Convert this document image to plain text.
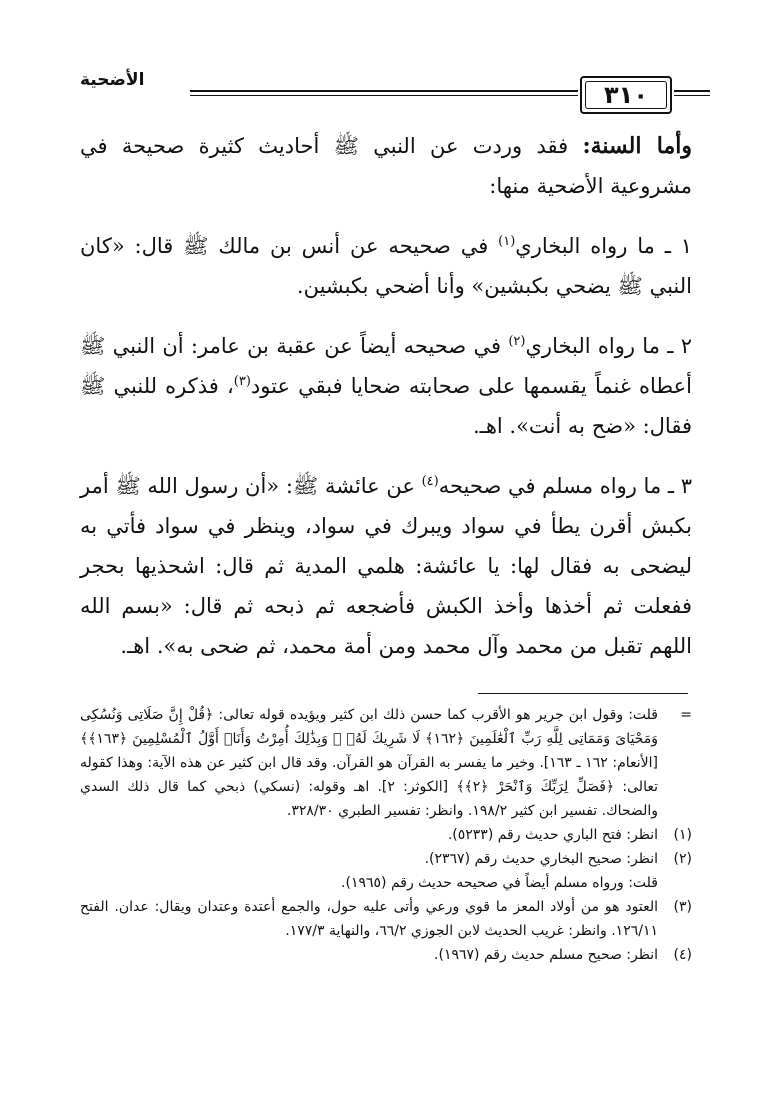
٣١٠
الأضحية

وأما السنة: فقد وردت عن النبي ﷺ أحاديث كثيرة صحيحة في مشروعية الأضحية منها:

١ ـ ما رواه البخاري$^{(١)}$ في صحيحه عن أنس بن مالك ﷺ قال: «كان النبي ﷺ يضحي بكبشين» وأنا أضحي بكبشين.

٢ ـ ما رواه البخاري$^{(٢)}$ في صحيحه أيضاً عن عقبة بن عامر: أن النبي ﷺ أعطاه غنماً يقسمها على صحابته ضحايا فبقي عتود$^{(٣)}$، فذكره للنبي ﷺ فقال: «ضح به أنت». اهـ.

٣ ـ ما رواه مسلم في صحيحه$^{(٤)}$ عن عائشة ﷺ: «أن رسول الله ﷺ أمر بكبش أقرن يطأ في سواد ويبرك في سواد، وينظر في سواد فأتي به ليضحى به فقال لها: يا عائشة: هلمي المدية ثم قال: اشحذيها بحجر ففعلت ثم أخذها وأخذ الكبش فأضجعه ثم ذبحه ثم قال: «بسم الله اللهم تقبل من محمد وآل محمد ومن أمة محمد، ثم ضحى به». اهـ.

=
قلت: وقول ابن جرير هو الأقرب كما حسن ذلك ابن كثير ويؤيده قوله تعالى: ﴿قُلْ إِنَّ صَلَاتِى وَنُسُكِى وَمَحْيَاىَ وَمَمَاتِى لِلَّهِ رَبِّ ٱلْعَٰلَمِينَ ﴿١٦٢﴾ لَا شَرِيكَ لَهُۥ ۖ وَبِذَٰلِكَ أُمِرْتُ وَأَنَا۠ أَوَّلُ ٱلْمُسْلِمِينَ ﴿١٦٣﴾﴾ [الأنعام: ١٦٢ ـ ١٦٣]. وخير ما يفسر به القرآن هو القرآن. وقد قال ابن كثير عن هذه الآية: وهذا كقوله تعالى: ﴿فَصَلِّ لِرَبِّكَ وَٱنْحَرْ ﴿٢﴾﴾ [الكوثر: ٢]. اهـ وقوله: (نسكي) ذبحي كما قال ذلك السدي والضحاك. تفسير ابن كثير ١٩٨/٢. وانظر: تفسير الطبري ٣٢٨/٣٠.
(١)
انظر: فتح الباري حديث رقم (٥٢٣٣).
(٢)
انظر: صحيح البخاري حديث رقم (٢٣٦٧).
قلت: ورواه مسلم أيضاً في صحيحه حديث رقم (١٩٦٥).
(٣)
العتود هو من أولاد المعز ما قوي ورعي وأتى عليه حول، والجمع أعتدة وعتدان ويقال: عدان. الفتح ١٢٦/١١. وانظر: غريب الحديث لابن الجوزي ٦٦/٢، والنهاية ١٧٧/٣.
(٤)
انظر: صحيح مسلم حديث رقم (١٩٦٧).
